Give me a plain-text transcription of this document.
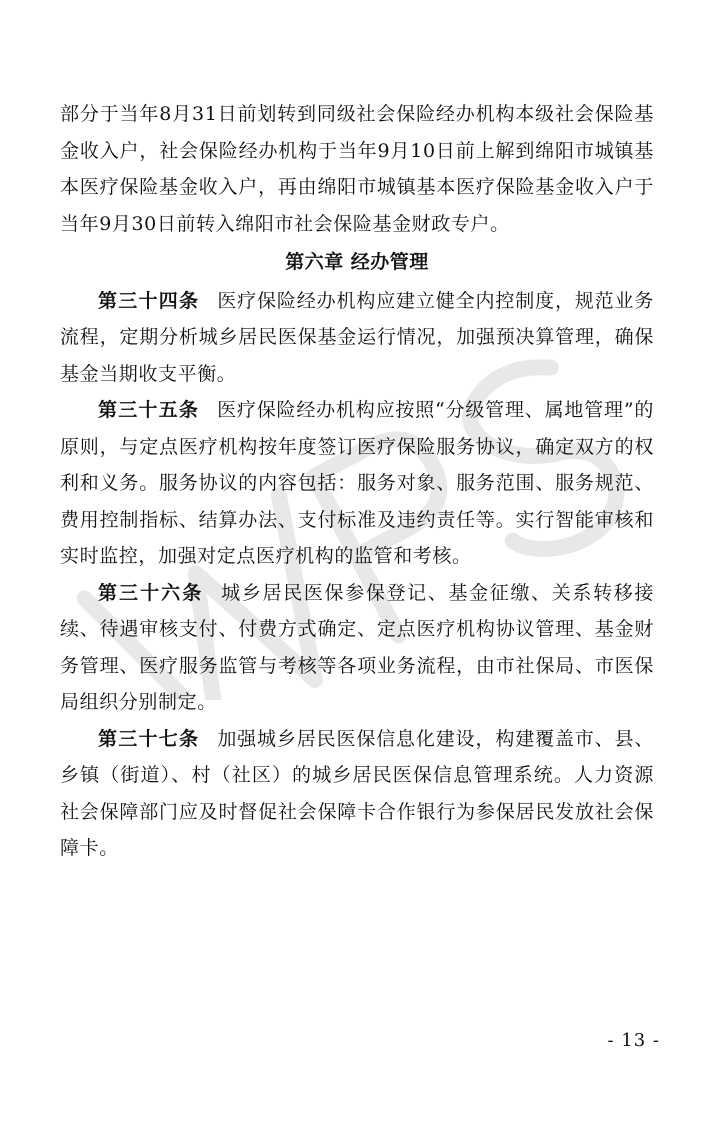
部分于当年8月31日前划转到同级社会保险经办机构本级社会保险基金收入户，社会保险经办机构于当年9月10日前上解到绵阳市城镇基本医疗保险基金收入户，再由绵阳市城镇基本医疗保险基金收入户于当年9月30日前转入绵阳市社会保险基金财政专户。

第六章 经办管理

第三十四条 医疗保险经办机构应建立健全内控制度，规范业务流程，定期分析城乡居民医保基金运行情况，加强预决算管理，确保基金当期收支平衡。

第三十五条 医疗保险经办机构应按照“分级管理、属地管理”的原则，与定点医疗机构按年度签订医疗保险服务协议，确定双方的权利和义务。服务协议的内容包括：服务对象、服务范围、服务规范、费用控制指标、结算办法、支付标准及违约责任等。实行智能审核和实时监控，加强对定点医疗机构的监管和考核。

第三十六条 城乡居民医保参保登记、基金征缴、关系转移接续、待遇审核支付、付费方式确定、定点医疗机构协议管理、基金财务管理、医疗服务监管与考核等各项业务流程，由市社保局、市医保局组织分别制定。

第三十七条 加强城乡居民医保信息化建设，构建覆盖市、县、乡镇（街道）、村（社区）的城乡居民医保信息管理系统。人力资源社会保障部门应及时督促社会保障卡合作银行为参保居民发放社会保障卡。

- 13 -
